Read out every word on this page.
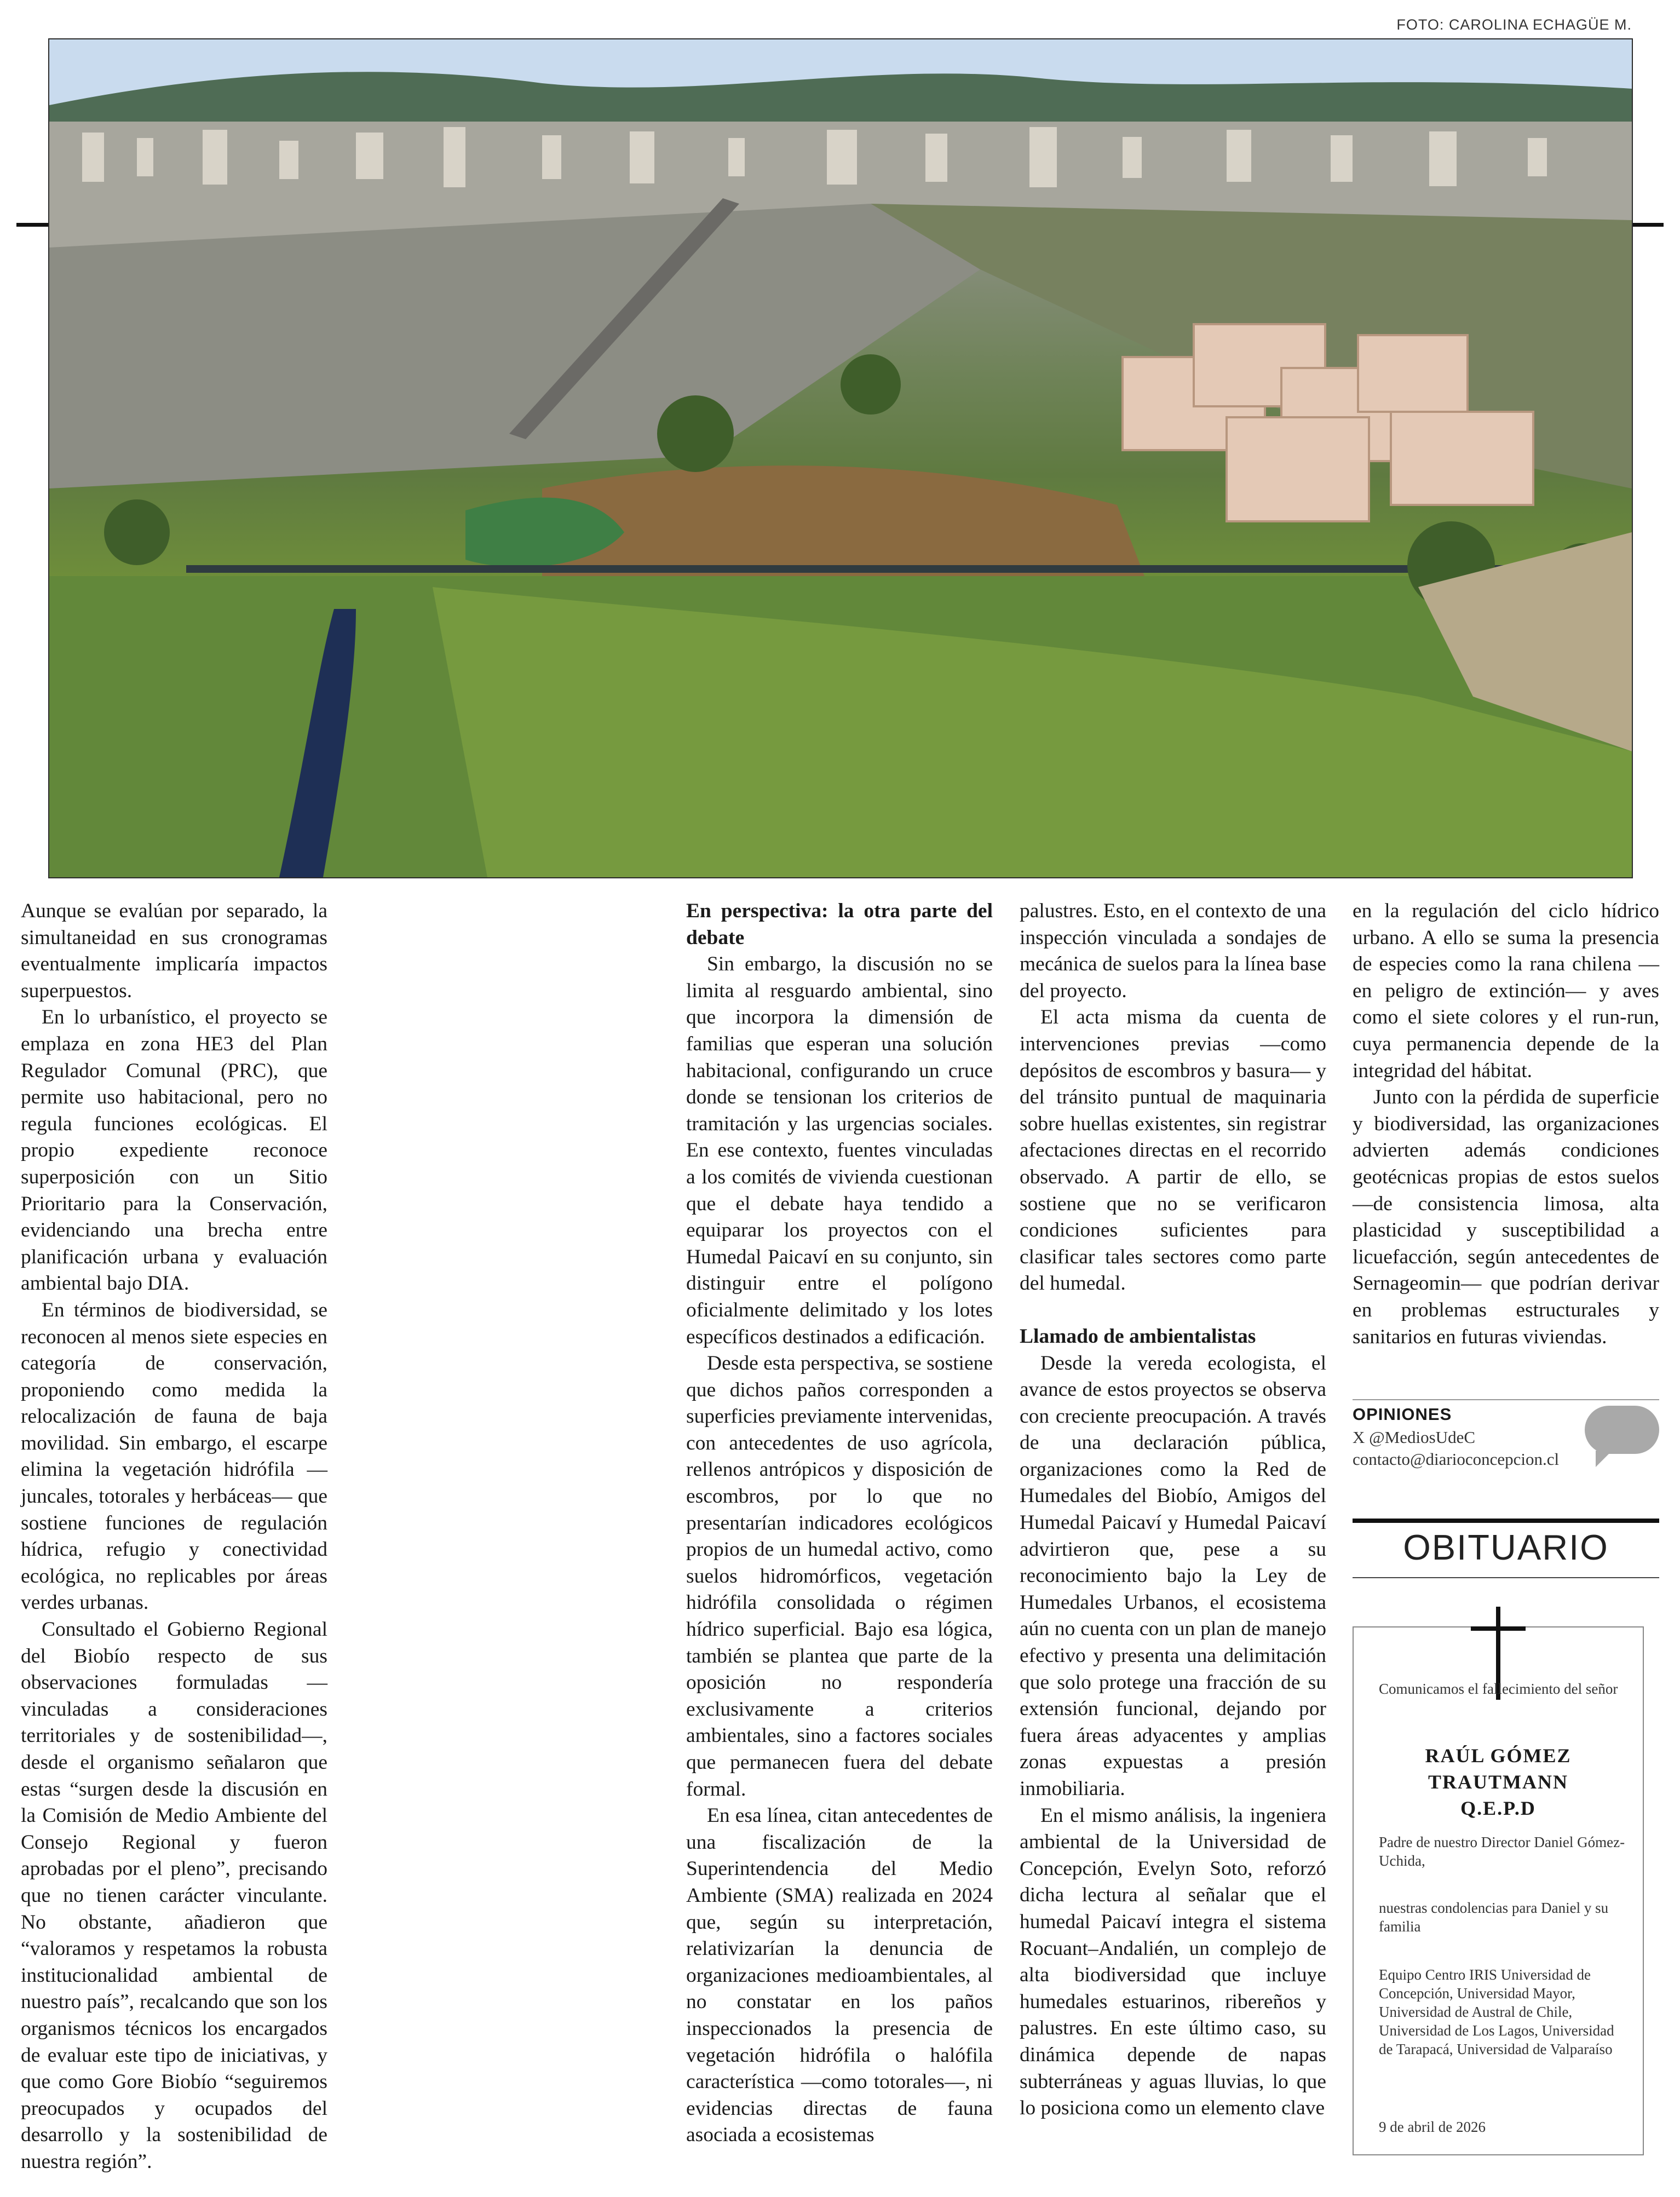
FOTO: CAROLINA ECHAGÜE M.

Aunque se evalúan por separado, la simultaneidad en sus cronogramas eventualmente implicaría impactos superpuestos.

En lo urbanístico, el proyecto se emplaza en zona HE3 del Plan Regulador Comunal (PRC), que permite uso habitacional, pero no regula funciones ecológicas. El propio expediente reconoce superposición con un Sitio Prioritario para la Conservación, evidenciando una brecha entre planificación urbana y evaluación ambiental bajo DIA.

En términos de biodiversidad, se reconocen al menos siete especies en categoría de conservación, proponiendo como medida la relocalización de fauna de baja movilidad. Sin embargo, el escarpe elimina la vegetación hidrófila —juncales, totorales y herbáceas— que sostiene funciones de regulación hídrica, refugio y conectividad ecológica, no replicables por áreas verdes urbanas.

Consultado el Gobierno Regional del Biobío respecto de sus observaciones formuladas —vinculadas a consideraciones territoriales y de sostenibilidad—, desde el organismo señalaron que estas “surgen desde la discusión en la Comisión de Medio Ambiente del Consejo Regional y fueron aprobadas por el pleno”, precisando que no tienen carácter vinculante. No obstante, añadieron que “valoramos y respetamos la robusta institucionalidad ambiental de nuestro país”, recalcando que son los organismos técnicos los encargados de evaluar este tipo de iniciativas, y que como Gore Biobío “seguiremos preocupados y ocupados del desarrollo y la sostenibilidad de nuestra región”.

En perspectiva: la otra parte del debate

Sin embargo, la discusión no se limita al resguardo ambiental, sino que incorpora la dimensión de familias que esperan una solución habitacional, configurando un cruce donde se tensionan los criterios de tramitación y las urgencias sociales. En ese contexto, fuentes vinculadas a los comités de vivienda cuestionan que el debate haya tendido a equiparar los proyectos con el Humedal Paicaví en su conjunto, sin distinguir entre el polígono oficialmente delimitado y los lotes específicos destinados a edificación.

Desde esta perspectiva, se sostiene que dichos paños corresponden a superficies previamente intervenidas, con antecedentes de uso agrícola, rellenos antrópicos y disposición de escombros, por lo que no presentarían indicadores ecológicos propios de un humedal activo, como suelos hidromórficos, vegetación hidrófila consolidada o régimen hídrico superficial. Bajo esa lógica, también se plantea que parte de la oposición no respondería exclusivamente a criterios ambientales, sino a factores sociales que permanecen fuera del debate formal.

En esa línea, citan antecedentes de una fiscalización de la Superintendencia del Medio Ambiente (SMA) realizada en 2024 que, según su interpretación, relativizarían la denuncia de organizaciones medioambientales, al no constatar en los paños inspeccionados la presencia de vegetación hidrófila o halófila característica —como totorales—, ni evidencias directas de fauna asociada a ecosistemas

palustres. Esto, en el contexto de una inspección vinculada a sondajes de mecánica de suelos para la línea base del proyecto.

El acta misma da cuenta de intervenciones previas —como depósitos de escombros y basura— y del tránsito puntual de maquinaria sobre huellas existentes, sin registrar afectaciones directas en el recorrido observado. A partir de ello, se sostiene que no se verificaron condiciones suficientes para clasificar tales sectores como parte del humedal.

Llamado de ambientalistas

Desde la vereda ecologista, el avance de estos proyectos se observa con creciente preocupación. A través de una declaración pública, organizaciones como la Red de Humedales del Biobío, Amigos del Humedal Paicaví y Humedal Paicaví advirtieron que, pese a su reconocimiento bajo la Ley de Humedales Urbanos, el ecosistema aún no cuenta con un plan de manejo efectivo y presenta una delimitación que solo protege una fracción de su extensión funcional, dejando por fuera áreas adyacentes y amplias zonas expuestas a presión inmobiliaria.

En el mismo análisis, la ingeniera ambiental de la Universidad de Concepción, Evelyn Soto, reforzó dicha lectura al señalar que el humedal Paicaví integra el sistema Rocuant–Andalién, un complejo de alta biodiversidad que incluye humedales estuarinos, ribereños y palustres. En este último caso, su dinámica depende de napas subterráneas y aguas lluvias, lo que lo posiciona como un elemento clave

en la regulación del ciclo hídrico urbano. A ello se suma la presencia de especies como la rana chilena —en peligro de extinción— y aves como el siete colores y el run-run, cuya permanencia depende de la integridad del hábitat.

Junto con la pérdida de superficie y biodiversidad, las organizaciones advierten además condiciones geotécnicas propias de estos suelos —de consistencia limosa, alta plasticidad y susceptibilidad a licuefacción, según antecedentes de Sernageomin— que podrían derivar en problemas estructurales y sanitarios en futuras viviendas.

OPINIONES
X @MediosUdeC
contacto@diarioconcepcion.cl
OBITUARIO
Comunicamos el fallecimiento del señor
RAÚL GÓMEZ
TRAUTMANN
Q.E.P.D
Padre de nuestro Director Daniel Gómez-Uchida,
nuestras condolencias para Daniel y su familia
Equipo Centro IRIS Universidad de Concepción, Universidad Mayor, Universidad de Austral de Chile, Universidad de Los Lagos, Universidad de Tarapacá, Universidad de Valparaíso
9 de abril de 2026
